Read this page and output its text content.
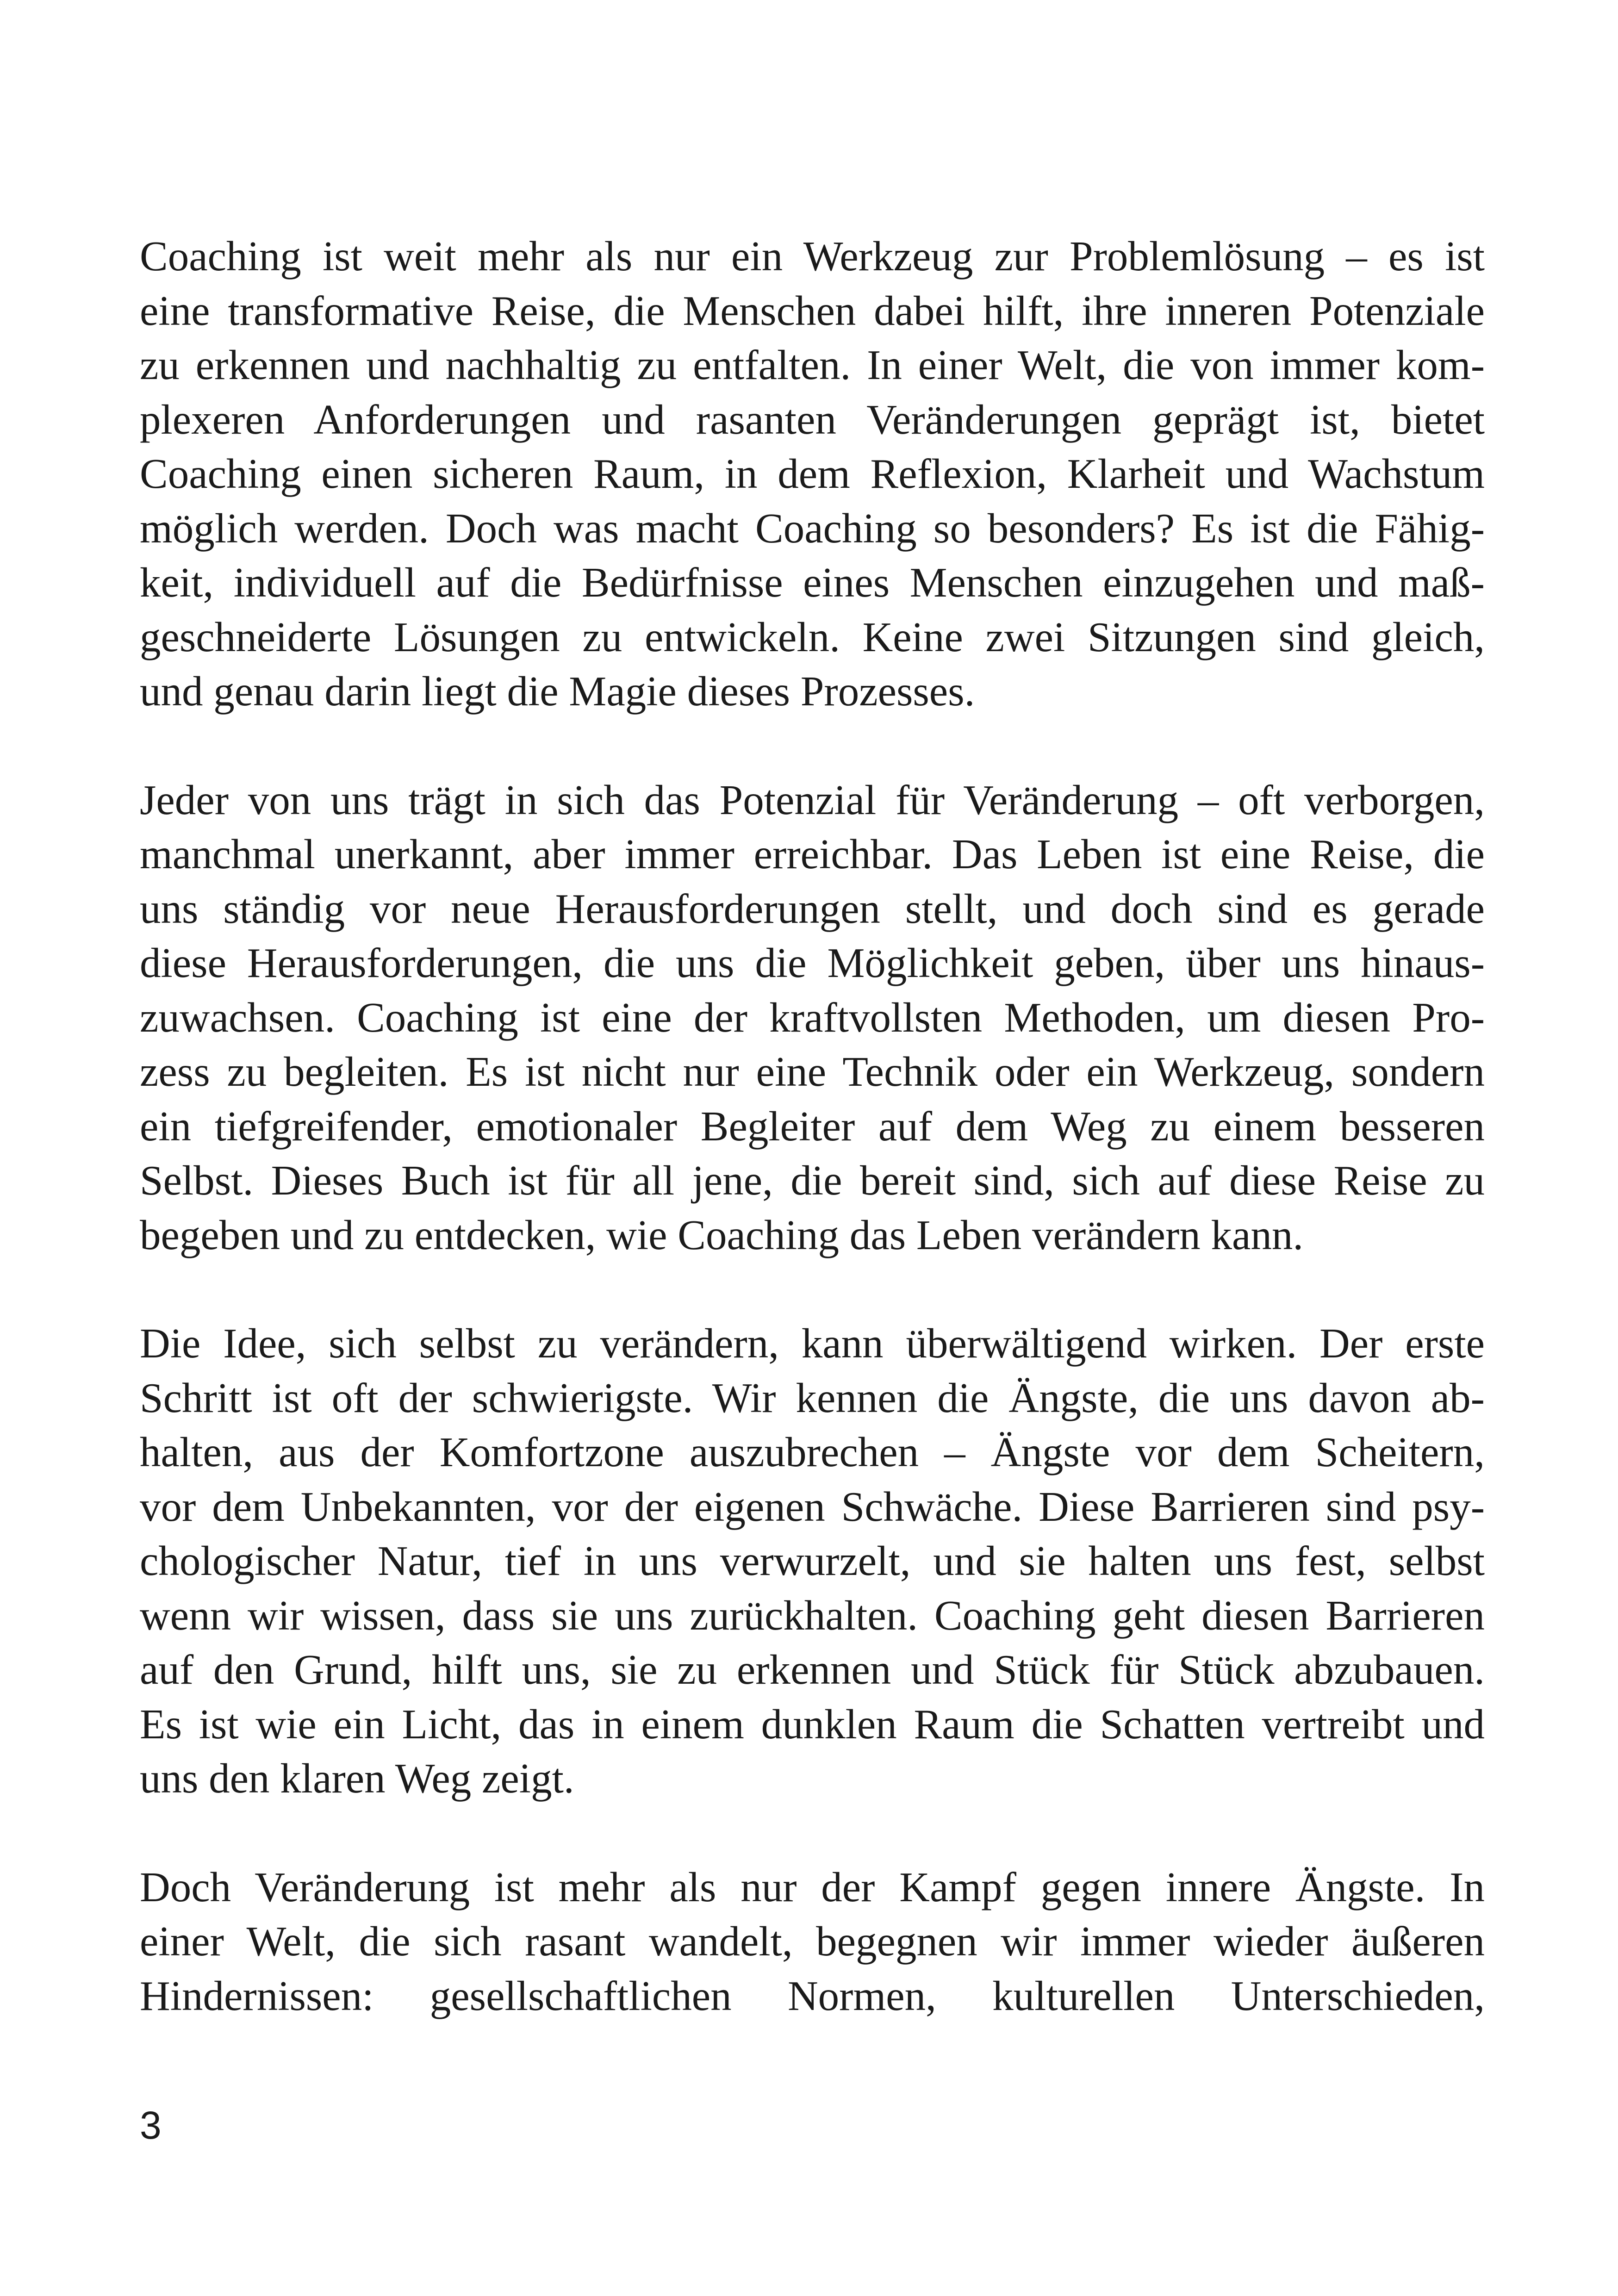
Coaching ist weit mehr als nur ein Werkzeug zur Problemlösung – es ist
eine transformative Reise, die Menschen dabei hilft, ihre inneren Potenziale
zu erkennen und nachhaltig zu entfalten. In einer Welt, die von immer kom-
plexeren Anforderungen und rasanten Veränderungen geprägt ist, bietet
Coaching einen sicheren Raum, in dem Reflexion, Klarheit und Wachstum
möglich werden. Doch was macht Coaching so besonders? Es ist die Fähig-
keit, individuell auf die Bedürfnisse eines Menschen einzugehen und maß-
geschneiderte Lösungen zu entwickeln. Keine zwei Sitzungen sind gleich,
und genau darin liegt die Magie dieses Prozesses.
Jeder von uns trägt in sich das Potenzial für Veränderung – oft verborgen,
manchmal unerkannt, aber immer erreichbar. Das Leben ist eine Reise, die
uns ständig vor neue Herausforderungen stellt, und doch sind es gerade
diese Herausforderungen, die uns die Möglichkeit geben, über uns hinaus-
zuwachsen. Coaching ist eine der kraftvollsten Methoden, um diesen Pro-
zess zu begleiten. Es ist nicht nur eine Technik oder ein Werkzeug, sondern
ein tiefgreifender, emotionaler Begleiter auf dem Weg zu einem besseren
Selbst. Dieses Buch ist für all jene, die bereit sind, sich auf diese Reise zu
begeben und zu entdecken, wie Coaching das Leben verändern kann.
Die Idee, sich selbst zu verändern, kann überwältigend wirken. Der erste
Schritt ist oft der schwierigste. Wir kennen die Ängste, die uns davon ab-
halten, aus der Komfortzone auszubrechen – Ängste vor dem Scheitern,
vor dem Unbekannten, vor der eigenen Schwäche. Diese Barrieren sind psy-
chologischer Natur, tief in uns verwurzelt, und sie halten uns fest, selbst
wenn wir wissen, dass sie uns zurückhalten. Coaching geht diesen Barrieren
auf den Grund, hilft uns, sie zu erkennen und Stück für Stück abzubauen.
Es ist wie ein Licht, das in einem dunklen Raum die Schatten vertreibt und
uns den klaren Weg zeigt.
Doch Veränderung ist mehr als nur der Kampf gegen innere Ängste. In
einer Welt, die sich rasant wandelt, begegnen wir immer wieder äußeren
Hindernissen: gesellschaftlichen Normen, kulturellen Unterschieden,
3
